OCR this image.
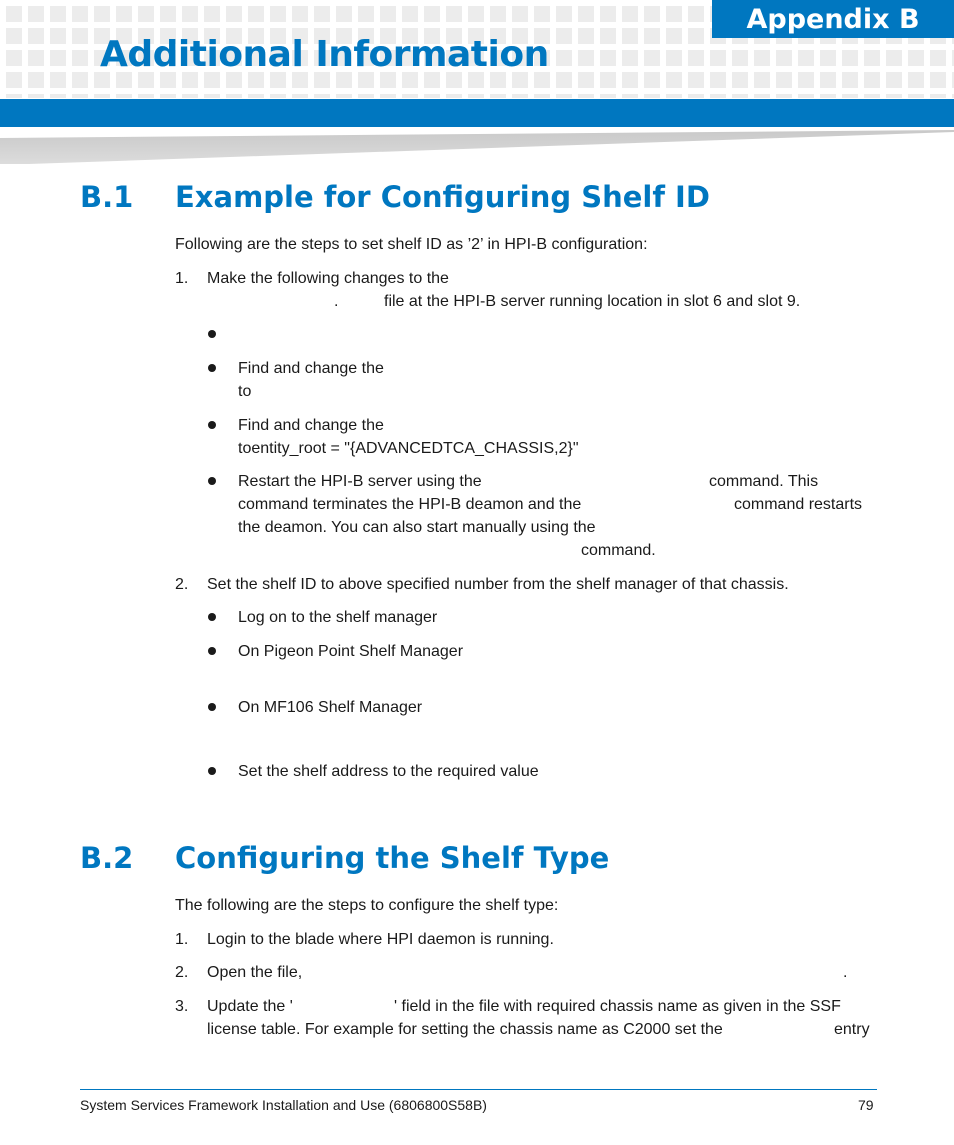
Appendix B
Additional Information
B.1 Example for Configuring Shelf ID
Following are the steps to set shelf ID as ’2’ in HPI-B configuration:
1. Make the following changes to the
.	file at the HPI-B server running location in slot 6 and slot 9.
Find and change the
to
Find and change the
toentity_root = "{ADVANCEDTCA_CHASSIS,2}"
Restart the HPI-B server using the	command. This
command terminates the HPI-B deamon and the	command restarts
the deamon. You can also start manually using the
command.
2. Set the shelf ID to above specified number from the shelf manager of that chassis.
Log on to the shelf manager
On Pigeon Point Shelf Manager
On MF106 Shelf Manager
Set the shelf address to the required value
B.2 Configuring the Shelf Type
The following are the steps to configure the shelf type:
1. Login to the blade where HPI daemon is running.
2. Open the file,	.
3. Update the '	' field in the file with required chassis name as given in the SSF
license table. For example for setting the chassis name as C2000 set the	entry
System Services Framework Installation and Use (6806800S58B)	79
